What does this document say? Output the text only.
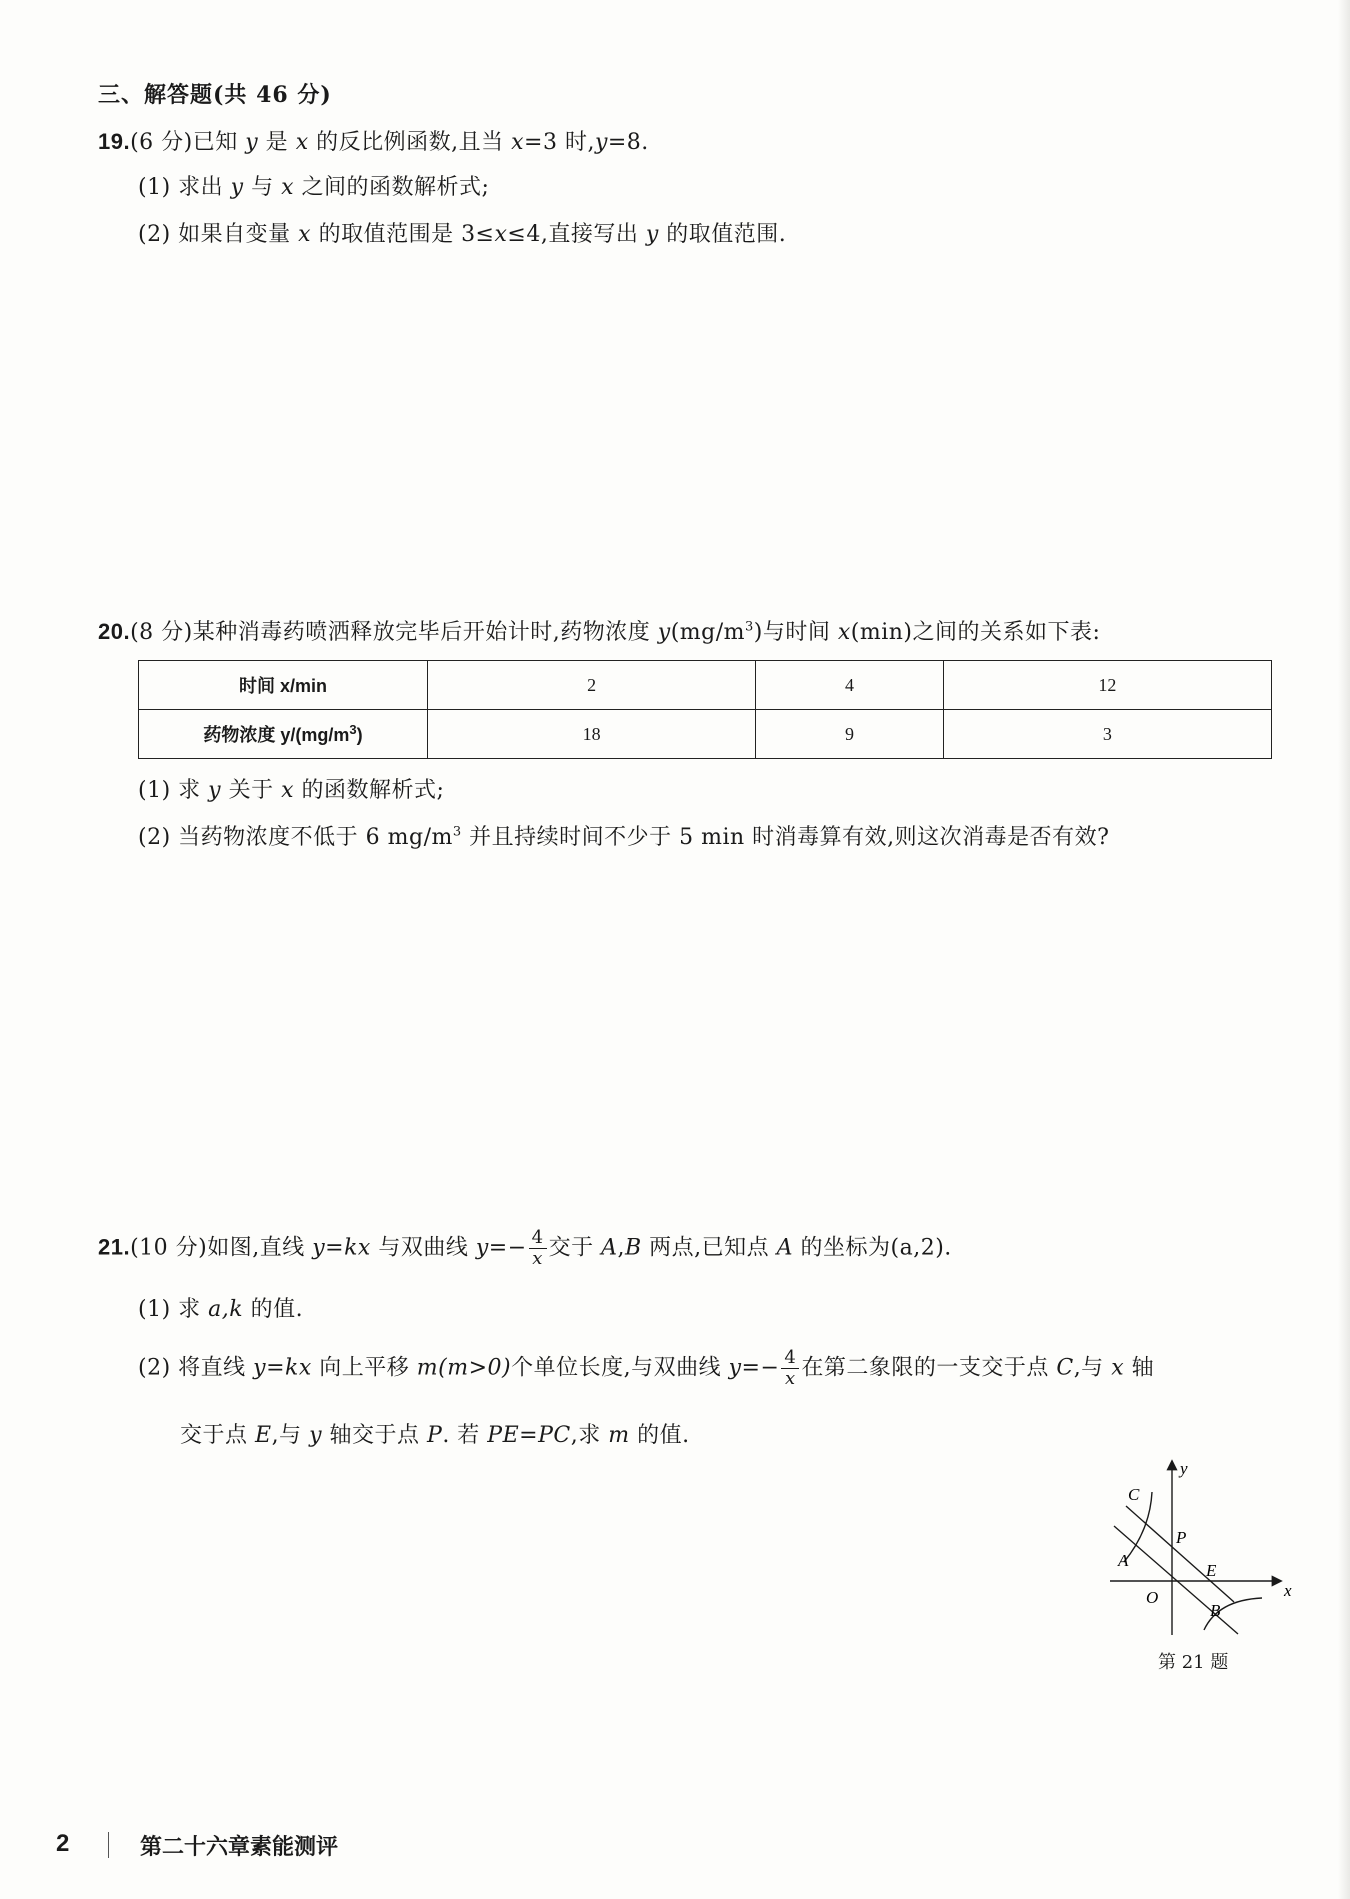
三、解答题(共 46 分)
19.(6 分)已知 y 是 x 的反比例函数,且当 x=3 时,y=8.
(1) 求出 y 与 x 之间的函数解析式;
(2) 如果自变量 x 的取值范围是 3≤x≤4,直接写出 y 的取值范围.
20.(8 分)某种消毒药喷洒释放完毕后开始计时,药物浓度 $y(mg/m^3)$与时间 x(min)之间的关系如下表:
时间 x/min	2	4	12
药物浓度 $y/(mg/m^3)$	18	9	3
(1) 求 y 关于 x 的函数解析式;
(2) 当药物浓度不低于 6 $mg/m^3$ 并且持续时间不少于 5 min 时消毒算有效,则这次消毒是否有效?
21.(10 分)如图,直线 y=kx 与双曲线 $y=- \frac{4}{x}$ 交于 A,B 两点,已知点 A 的坐标为(a,2).
(1) 求 a,k 的值.
(2) 将直线 y=kx 向上平移 m(m>0)个单位长度,与双曲线 $y=- \frac{4}{x}$ 在第二象限的一支交于点 C,与 x 轴
交于点 E,与 y 轴交于点 P. 若 PE=PC,求 m 的值.
y
x
O
A
B
C
P
E
第 21 题
2	第二十六章素能测评
